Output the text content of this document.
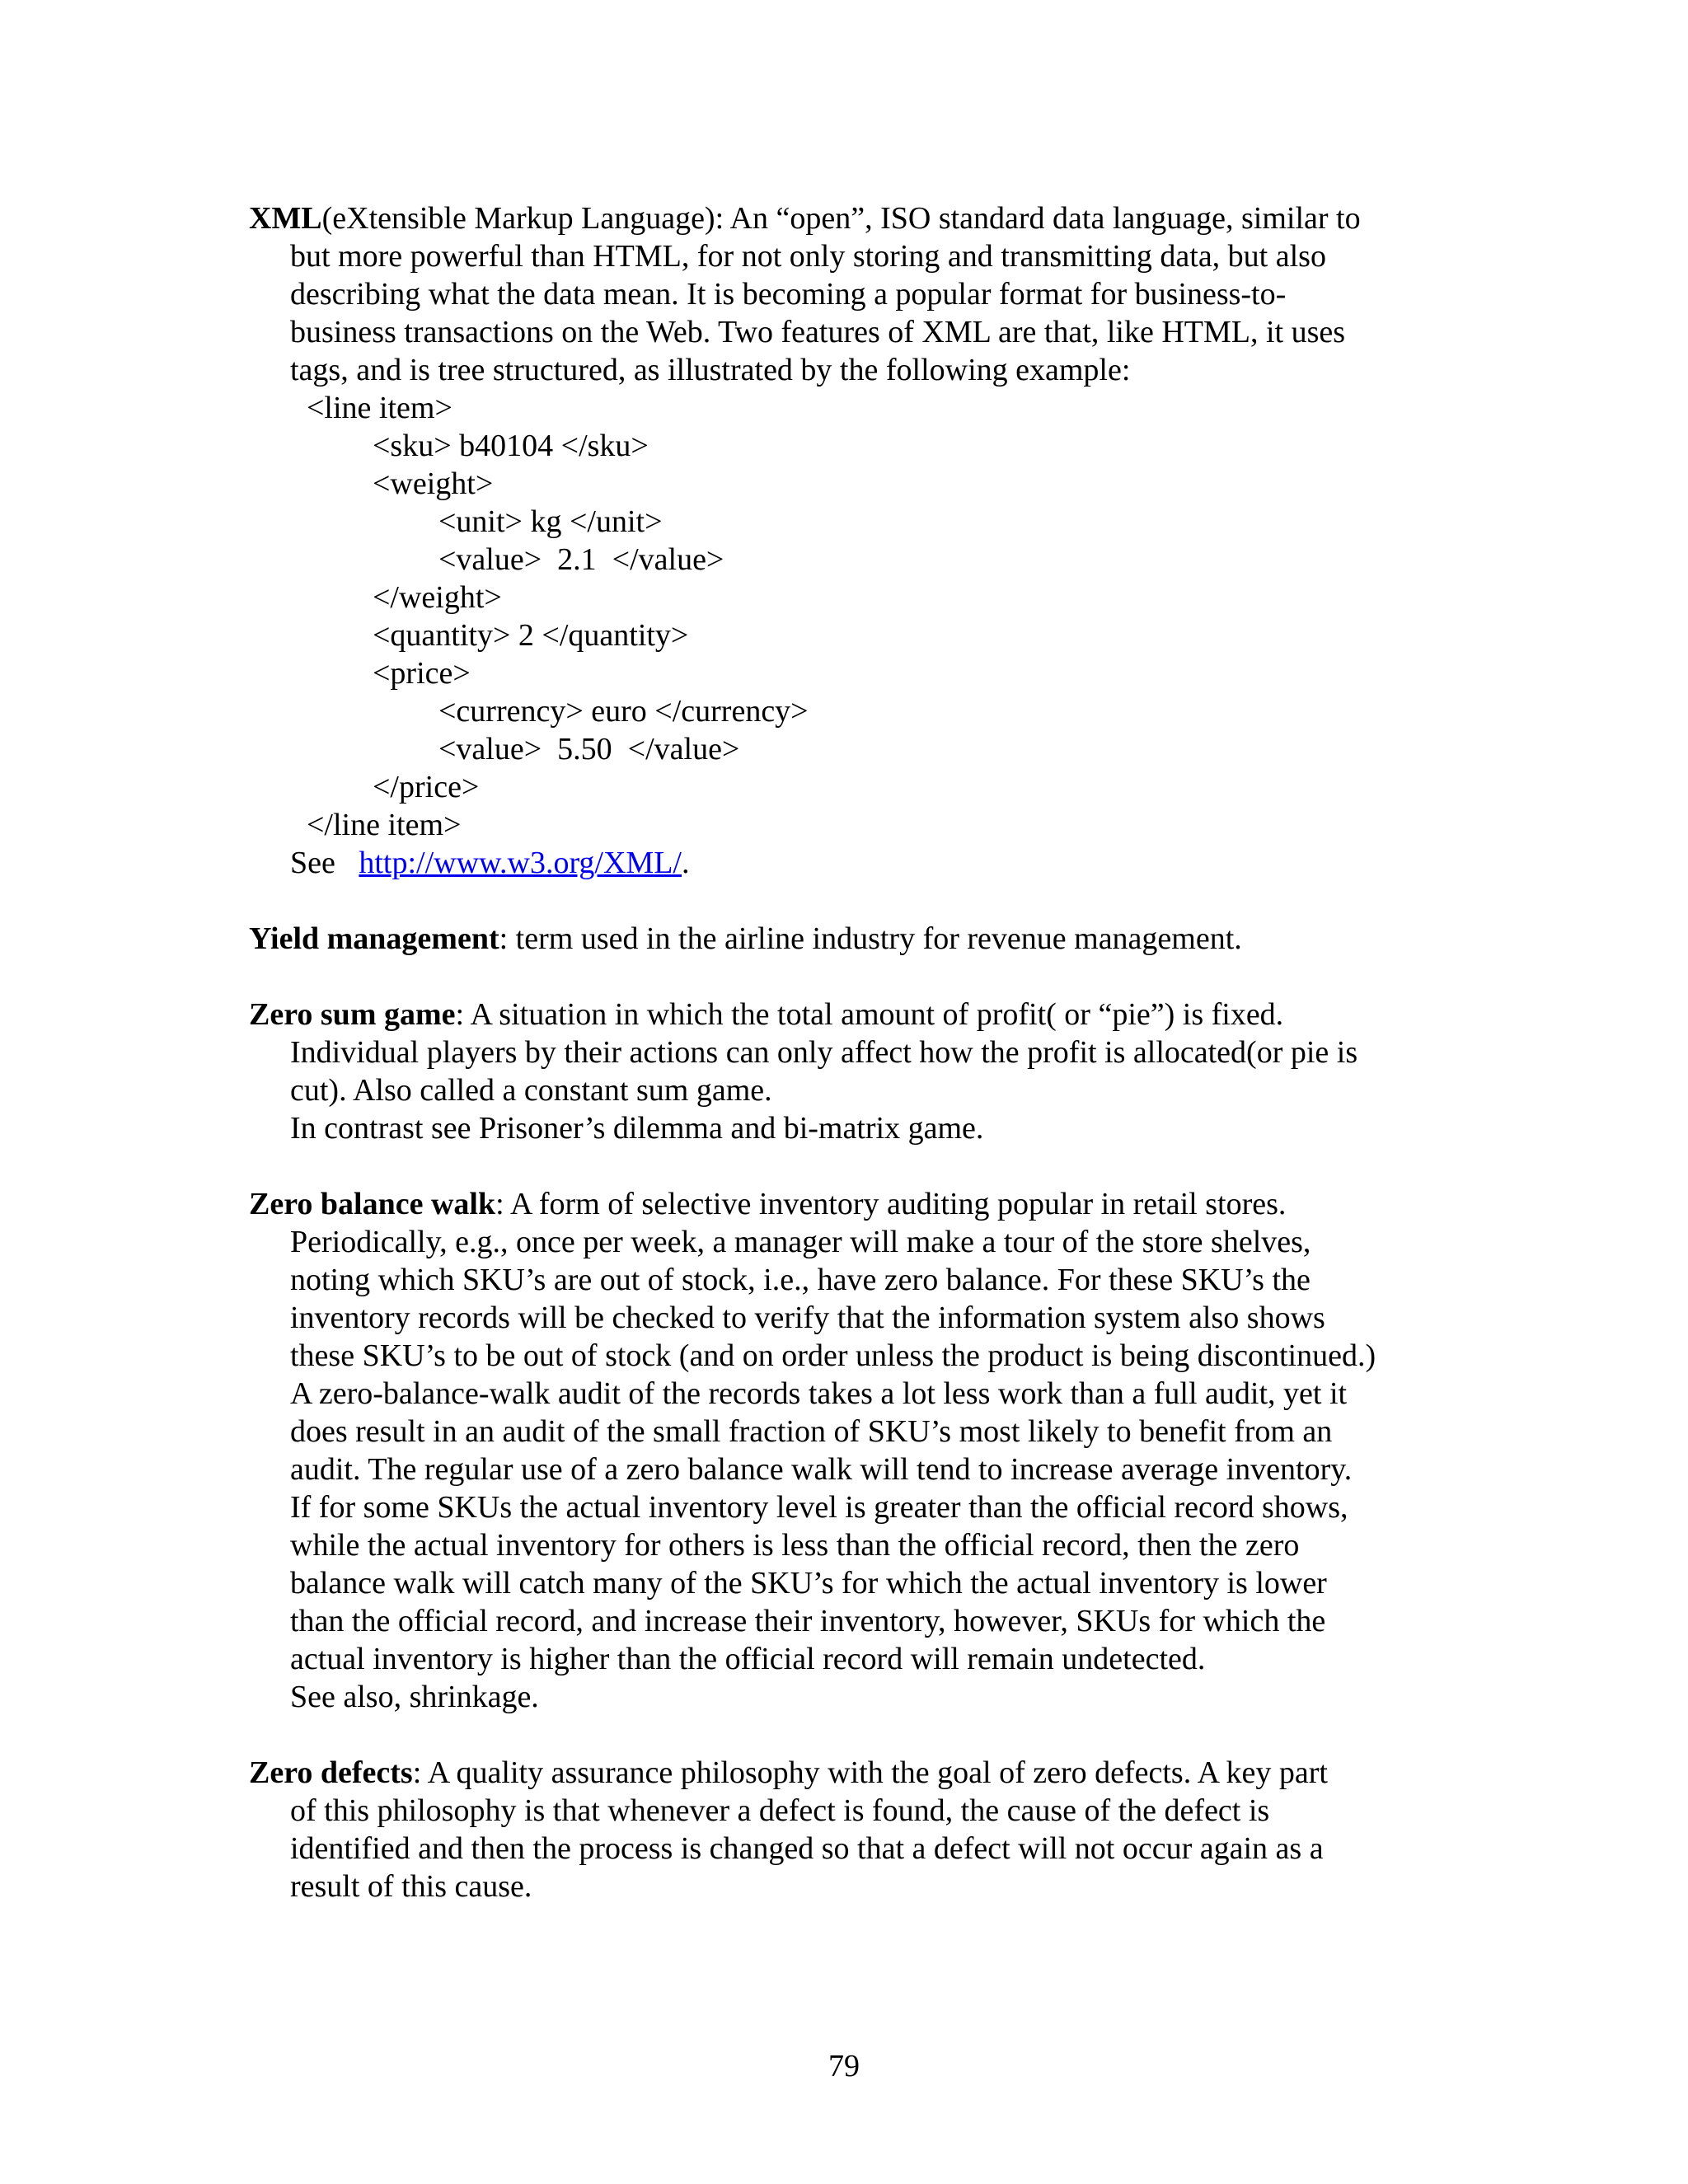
XML(eXtensible Markup Language): An “open”, ISO standard data language, similar to

but more powerful than HTML, for not only storing and transmitting data, but also

describing what the data mean. It is becoming a popular format for business-to-

business transactions on the Web. Two features of XML are that, like HTML, it uses

tags, and is tree structured, as illustrated by the following example:

<line item>

<sku> b40104 </sku>

<weight>

<unit> kg </unit>

<value>  2.1  </value>

</weight>

<quantity> 2 </quantity>

<price>

<currency> euro </currency>

<value>  5.50  </value>

</price>

</line item>

See http://www.w3.org/XML/.

Yield management: term used in the airline industry for revenue management.

Zero sum game: A situation in which the total amount of profit( or “pie”) is fixed.

Individual players by their actions can only affect how the profit is allocated(or pie is

cut). Also called a constant sum game.

In contrast see Prisoner’s dilemma and bi-matrix game.

Zero balance walk: A form of selective inventory auditing popular in retail stores.

Periodically, e.g., once per week, a manager will make a tour of the store shelves,

noting which SKU’s are out of stock, i.e., have zero balance. For these SKU’s the

inventory records will be checked to verify that the information system also shows

these SKU’s to be out of stock (and on order unless the product is being discontinued.)

A zero-balance-walk audit of the records takes a lot less work than a full audit, yet it

does result in an audit of the small fraction of SKU’s most likely to benefit from an

audit. The regular use of a zero balance walk will tend to increase average inventory.

If for some SKUs the actual inventory level is greater than the official record shows,

while the actual inventory for others is less than the official record, then the zero

balance walk will catch many of the SKU’s for which the actual inventory is lower

than the official record, and increase their inventory, however, SKUs for which the

actual inventory is higher than the official record will remain undetected.

See also, shrinkage.

Zero defects: A quality assurance philosophy with the goal of zero defects. A key part

of this philosophy is that whenever a defect is found, the cause of the defect is

identified and then the process is changed so that a defect will not occur again as a

result of this cause.

79
